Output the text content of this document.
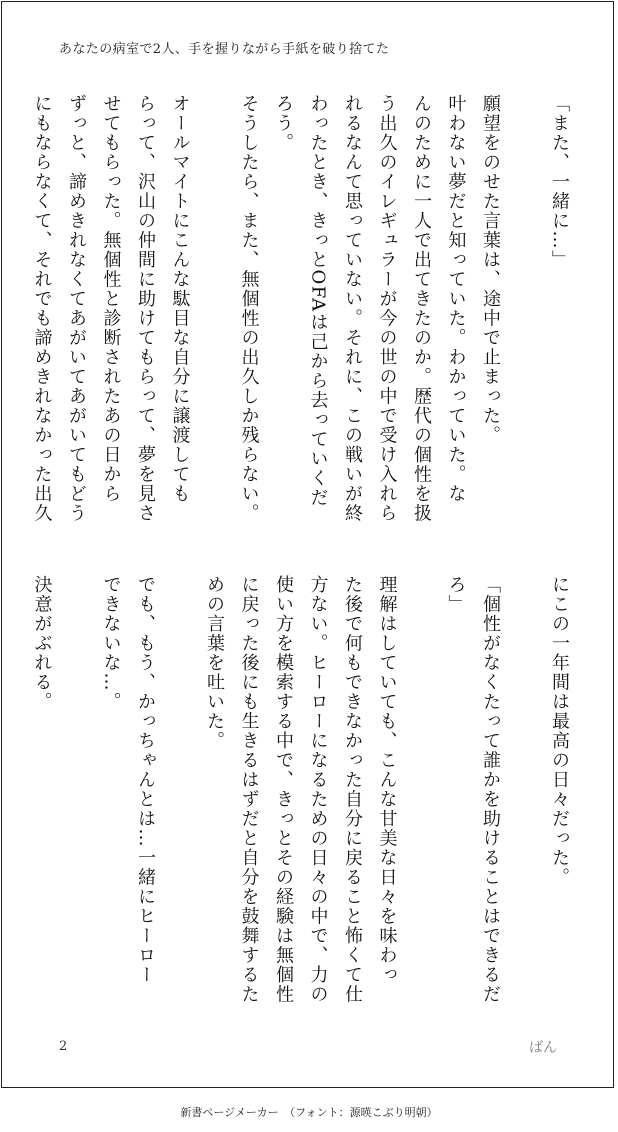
あなたの病室で2人、手を握りながら手紙を破り捨てた
「また、一緒に…」

願望をのせた言葉は、途中で止まった。
叶わない夢だと知っていた。わかっていた。な
んのために一人で出てきたのか。歴代の個性を扱
う出久のイレギュラーが今の世の中で受け入れら
れるなんて思っていない。それに、この戦いが終
わったとき、きっとOFAは己から去っていくだ
ろう。
そうしたら、また、無個性の出久しか残らない。

オールマイトにこんな駄目な自分に譲渡しても
らって、沢山の仲間に助けてもらって、夢を見さ
せてもらった。無個性と診断されたあの日から
ずっと、諦めきれなくてあがいてあがいてもどう
にもならなくて、それでも諦めきれなかった出久
にこの一年間は最高の日々だった。

「個性がなくたって誰かを助けることはできるだ
ろ」

理解はしていても、こんな甘美な日々を味わっ
た後で何もできなかった自分に戻ること怖くて仕
方ない。ヒーローになるための日々の中で、力の
使い方を模索する中で、きっとその経験は無個性
に戻った後にも生きるはずだと自分を鼓舞するた
めの言葉を吐いた。

でも、もう、かっちゃんとは…一緒にヒーロー
できないな…。

決意がぶれる。
2	ばん
新書ページメーカー　（フォント：源暎こぶり明朝）
